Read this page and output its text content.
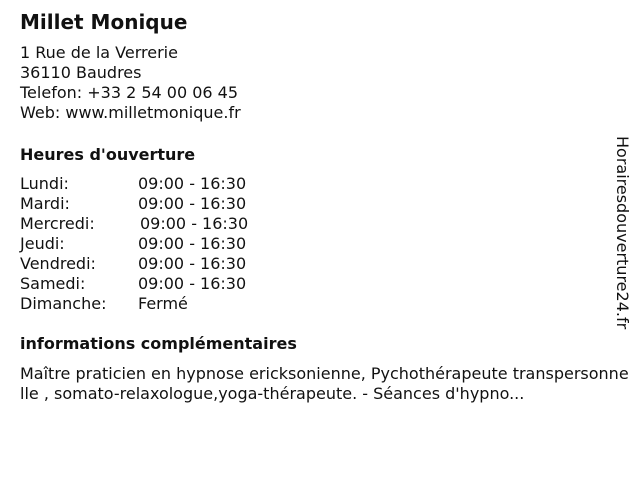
Millet Monique
1 Rue de la Verrerie
36110 Baudres
Telefon: +33 2 54 00 06 45
Web: www.milletmonique.fr
Heures d'ouverture
Lundi:	09:00 - 16:30
Mardi:	09:00 - 16:30
Mercredi:	09:00 - 16:30
Jeudi:	09:00 - 16:30
Vendredi:	09:00 - 16:30
Samedi:	09:00 - 16:30
Dimanche: Fermé
informations complémentaires
Maître praticien en hypnose ericksonienne, Pychothérapeute transpersonnelle , somato-relaxologue,yoga-thérapeute. - Séances d'hypno...
Horairesdouverture24.fr
